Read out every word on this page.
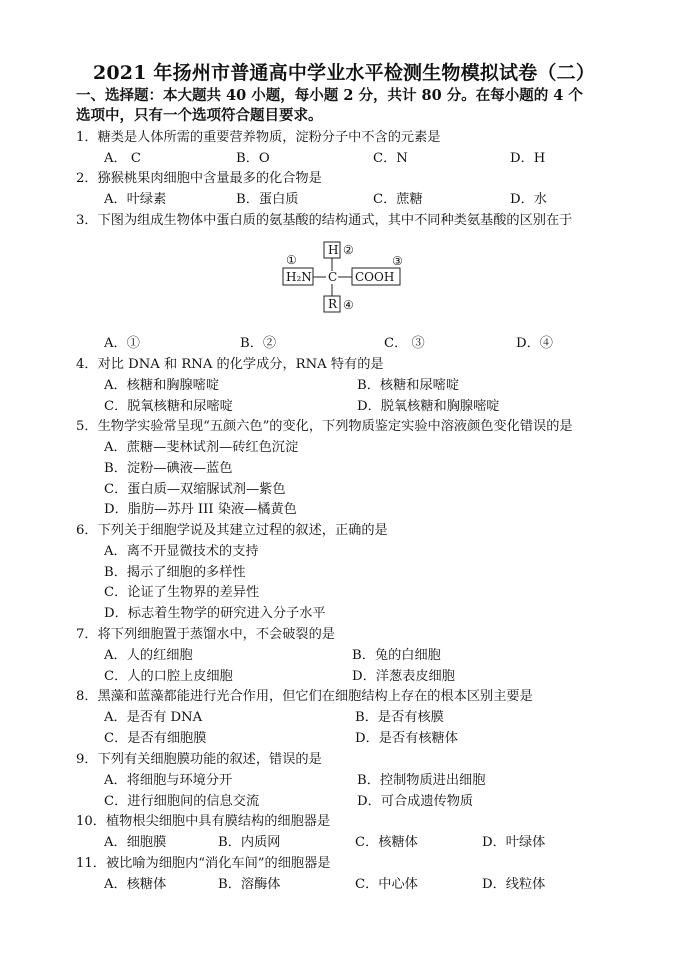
2021 年扬州市普通高中学业水平检测生物模拟试卷（二）
一、选择题：本大题共 40 小题，每小题 2 分，共计 80 分。在每小题的 4 个
选项中，只有一个选项符合题目要求。
1．糖类是人体所需的重要营养物质，淀粉分子中不含的元素是
A． C	B．O	C．N	D．H
2．猕猴桃果肉细胞中含量最多的化合物是
A．叶绿素	B．蛋白质	C．蔗糖	D．水
3．下图为组成生物体中蛋白质的氨基酸的结构通式，其中不同种类氨基酸的区别在于
①
H ②
H₂N C COOH
③
R ④
A．①	B．②	C． ③	D．④
4．对比 DNA 和 RNA 的化学成分，RNA 特有的是
A．核糖和胸腺嘧啶	B．核糖和尿嘧啶
C．脱氧核糖和尿嘧啶	D．脱氧核糖和胸腺嘧啶
5．生物学实验常呈现“五颜六色”的变化，下列物质鉴定实验中溶液颜色变化错误的是
A．蔗糖—斐林试剂—砖红色沉淀
B．淀粉—碘液—蓝色
C．蛋白质—双缩脲试剂—紫色
D．脂肪—苏丹 III 染液—橘黄色
6．下列关于细胞学说及其建立过程的叙述，正确的是
A．离不开显微技术的支持
B．揭示了细胞的多样性
C．论证了生物界的差异性
D．标志着生物学的研究进入分子水平
7．将下列细胞置于蒸馏水中，不会破裂的是
A．人的红细胞	B．兔的白细胞
C．人的口腔上皮细胞	D．洋葱表皮细胞
8．黑藻和蓝藻都能进行光合作用，但它们在细胞结构上存在的根本区别主要是
A．是否有 DNA	B．是否有核膜
C．是否有细胞膜	D．是否有核糖体
9．下列有关细胞膜功能的叙述，错误的是
A．将细胞与环境分开	B．控制物质进出细胞
C．进行细胞间的信息交流	D．可合成遗传物质
10．植物根尖细胞中具有膜结构的细胞器是
A．细胞膜	B．内质网	C．核糖体	D．叶绿体
11．被比喻为细胞内“消化车间”的细胞器是
A．核糖体	B．溶酶体	C．中心体	D．线粒体
